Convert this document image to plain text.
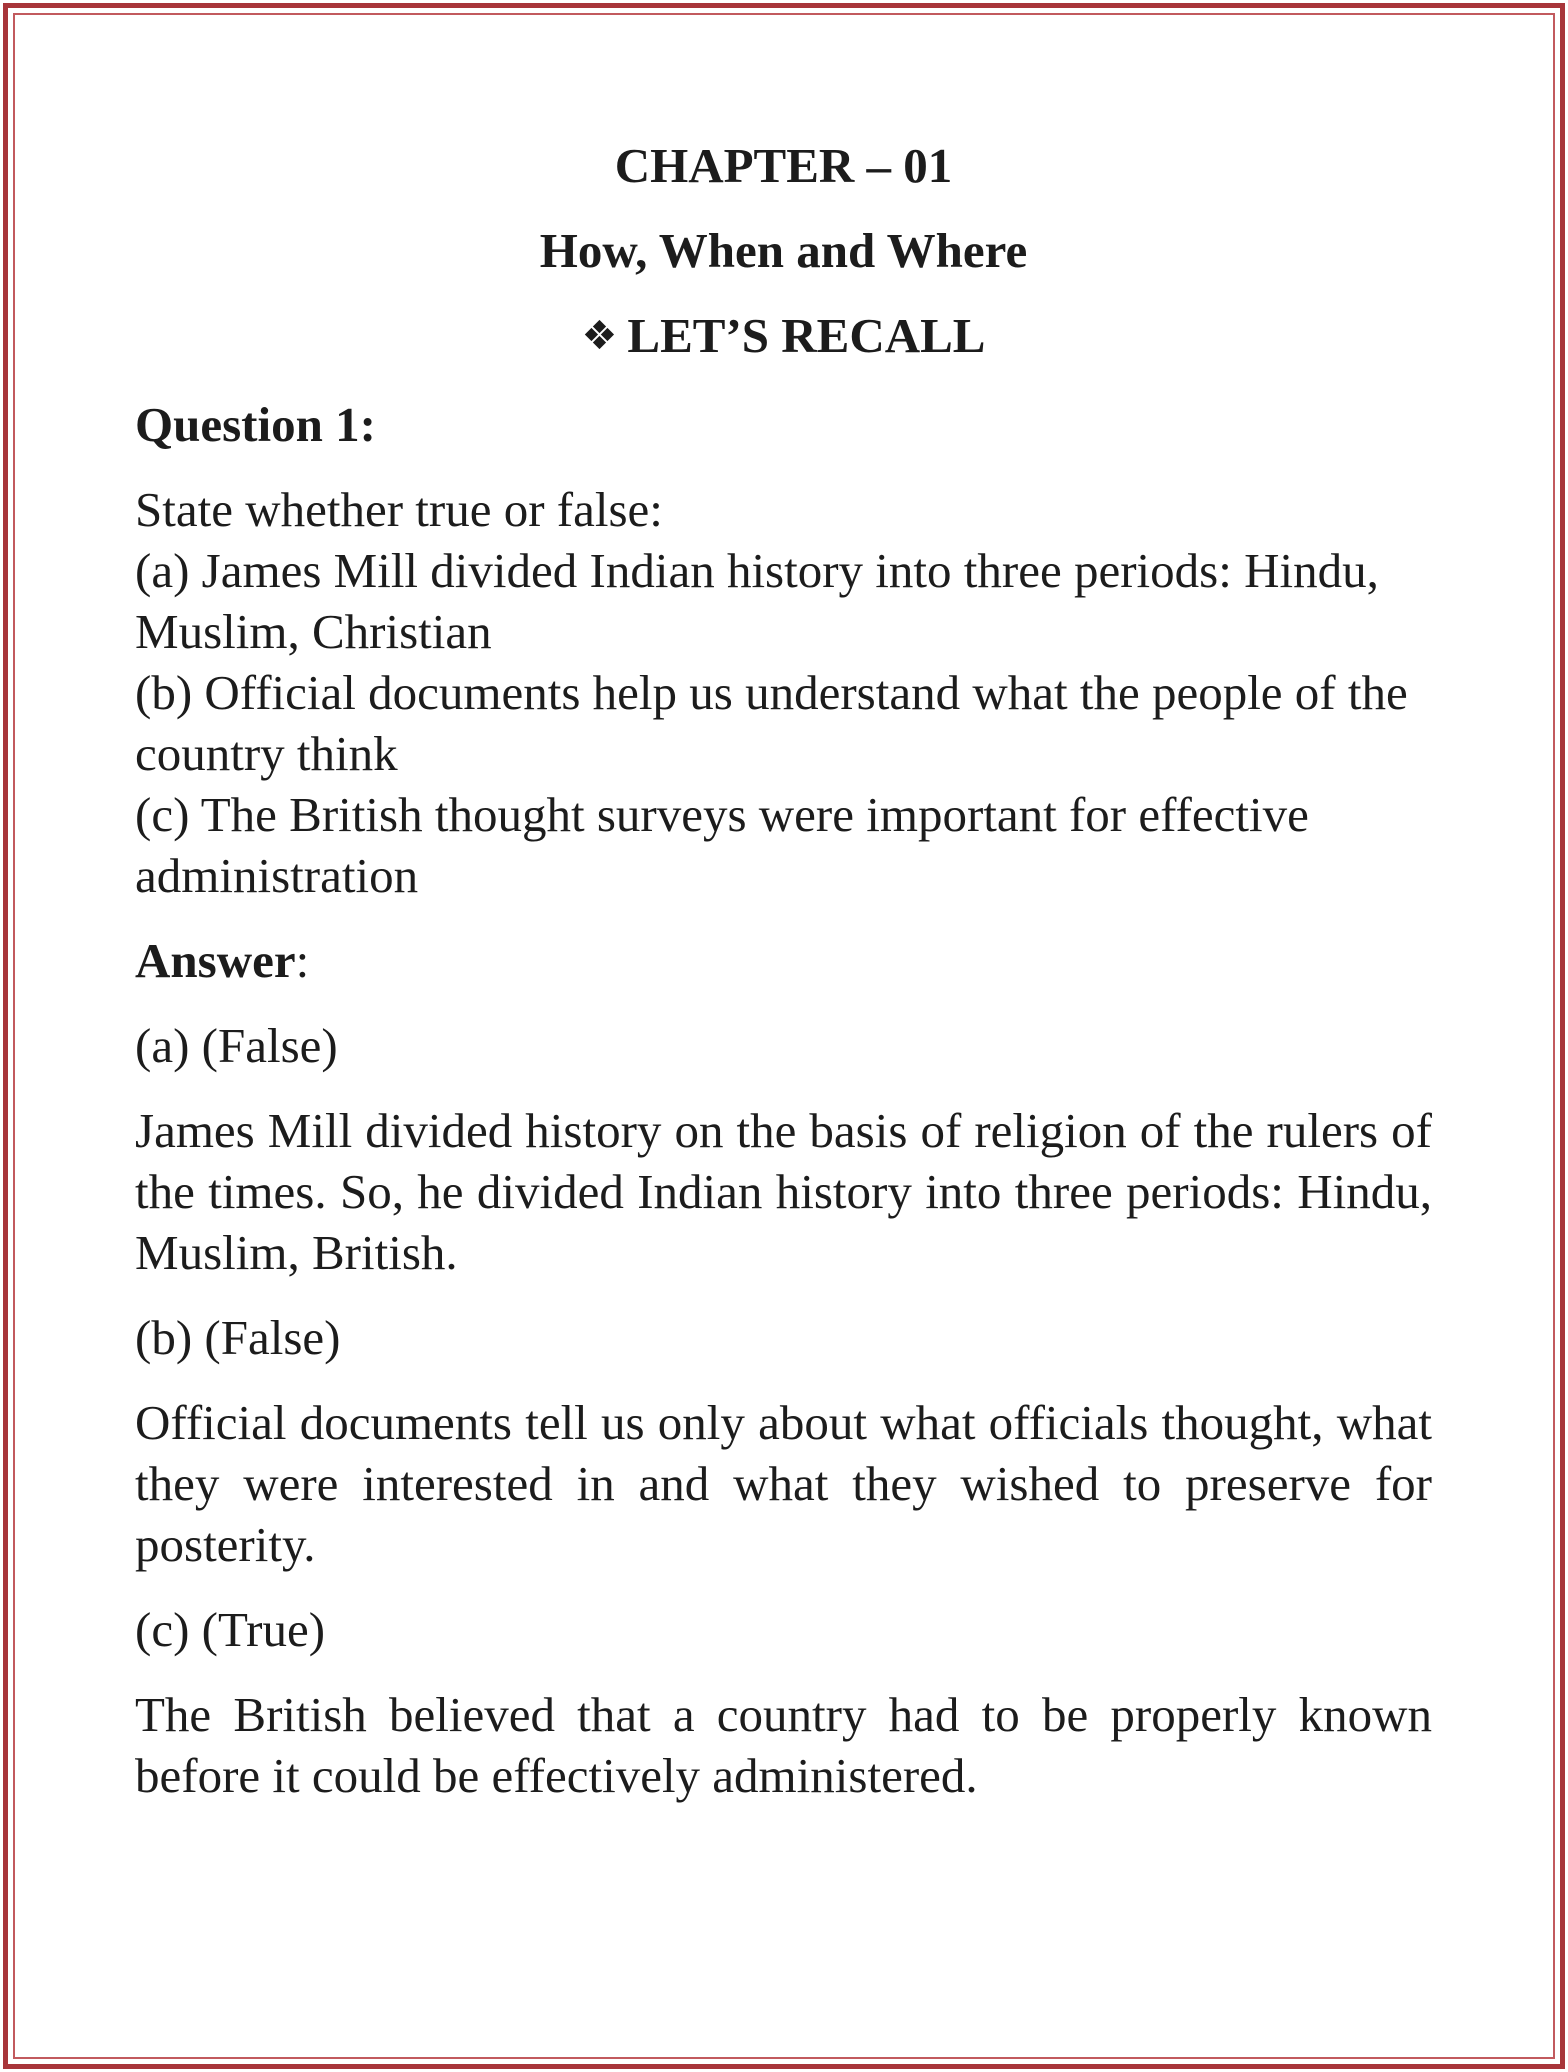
CHAPTER – 01
How, When and Where
❖ LET’S RECALL
Question 1:
State whether true or false:
(a) James Mill divided Indian history into three periods: Hindu, Muslim, Christian
(b) Official documents help us understand what the people of the country think
(c) The British thought surveys were important for effective administration
Answer:
(a) (False)
James Mill divided history on the basis of religion of the rulers of the times. So, he divided Indian history into three periods: Hindu, Muslim, British.
(b) (False)
Official documents tell us only about what officials thought, what they were interested in and what they wished to preserve for posterity.
(c) (True)
The British believed that a country had to be properly known before it could be effectively administered.
